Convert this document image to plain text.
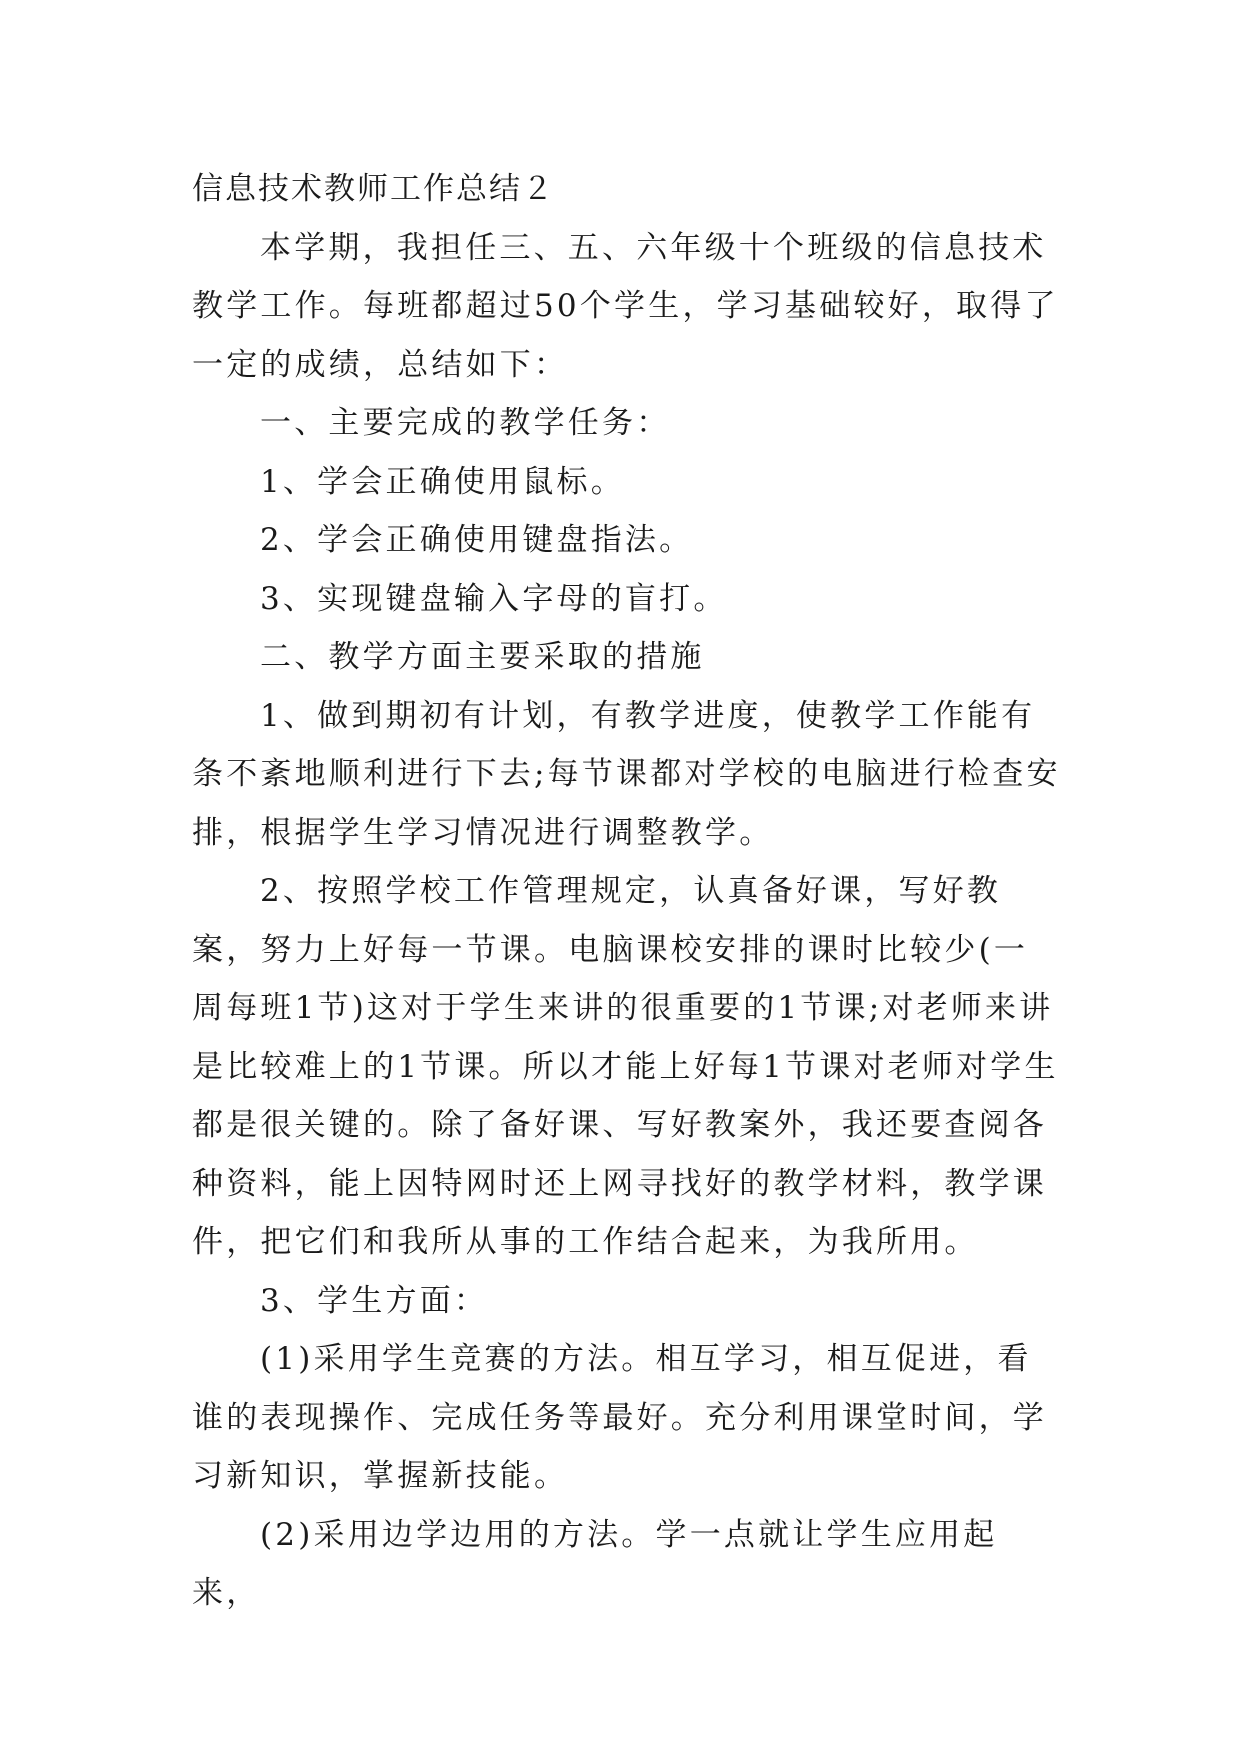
信息技术教师工作总结２

本学期，我担任三、五、六年级十个班级的信息技术教学工作。每班都超过50个学生，学习基础较好，取得了一定的成绩，总结如下：

一、主要完成的教学任务：

1、学会正确使用鼠标。

2、学会正确使用键盘指法。

3、实现键盘输入字母的盲打。

二、教学方面主要采取的措施

1、做到期初有计划，有教学进度，使教学工作能有条不紊地顺利进行下去;每节课都对学校的电脑进行检查安排，根据学生学习情况进行调整教学。

2、按照学校工作管理规定，认真备好课，写好教案，努力上好每一节课。电脑课校安排的课时比较少(一周每班1节)这对于学生来讲的很重要的1节课;对老师来讲是比较难上的1节课。所以才能上好每1节课对老师对学生都是很关键的。除了备好课、写好教案外，我还要查阅各种资料，能上因特网时还上网寻找好的教学材料，教学课件，把它们和我所从事的工作结合起来，为我所用。

3、学生方面：

(1)采用学生竞赛的方法。相互学习，相互促进，看谁的表现操作、完成任务等最好。充分利用课堂时间，学习新知识，掌握新技能。

(2)采用边学边用的方法。学一点就让学生应用起来，
